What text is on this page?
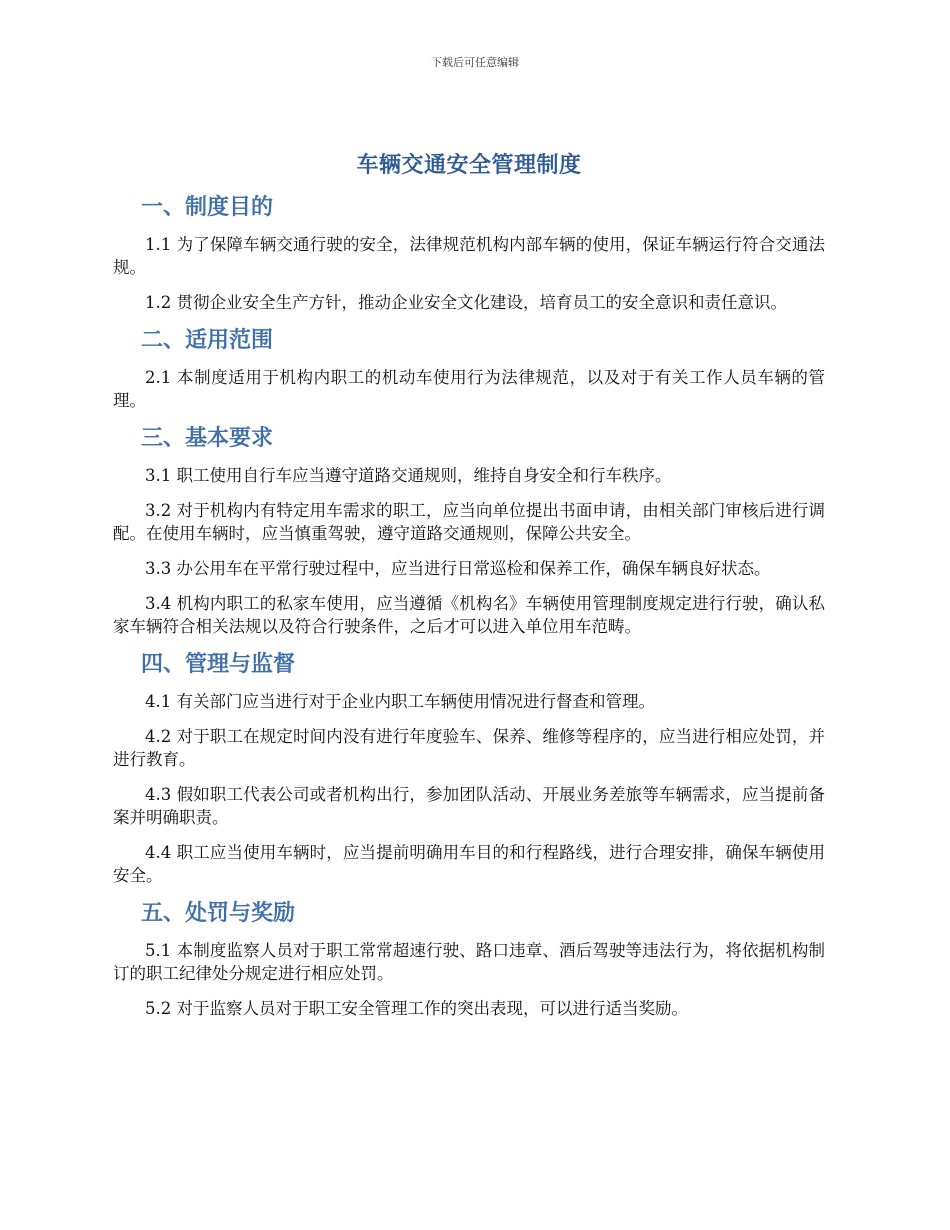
下载后可任意编辑
车辆交通安全管理制度
一、制度目的

1.1 为了保障车辆交通行驶的安全，法律规范机构内部车辆的使用，保证车辆运行符合交通法规。

1.2 贯彻企业安全生产方针，推动企业安全文化建设，培育员工的安全意识和责任意识。

二、适用范围

2.1 本制度适用于机构内职工的机动车使用行为法律规范，以及对于有关工作人员车辆的管理。

三、基本要求

3.1 职工使用自行车应当遵守道路交通规则，维持自身安全和行车秩序。

3.2 对于机构内有特定用车需求的职工，应当向单位提出书面申请，由相关部门审核后进行调配。在使用车辆时，应当慎重驾驶，遵守道路交通规则，保障公共安全。

3.3 办公用车在平常行驶过程中，应当进行日常巡检和保养工作，确保车辆良好状态。

3.4 机构内职工的私家车使用，应当遵循《机构名》车辆使用管理制度规定进行行驶，确认私家车辆符合相关法规以及符合行驶条件，之后才可以进入单位用车范畴。

四、管理与监督

4.1 有关部门应当进行对于企业内职工车辆使用情况进行督查和管理。

4.2 对于职工在规定时间内没有进行年度验车、保养、维修等程序的，应当进行相应处罚，并进行教育。

4.3 假如职工代表公司或者机构出行，参加团队活动、开展业务差旅等车辆需求，应当提前备案并明确职责。

4.4 职工应当使用车辆时，应当提前明确用车目的和行程路线，进行合理安排，确保车辆使用安全。

五、处罚与奖励

5.1 本制度监察人员对于职工常常超速行驶、路口违章、酒后驾驶等违法行为，将依据机构制订的职工纪律处分规定进行相应处罚。

5.2 对于监察人员对于职工安全管理工作的突出表现，可以进行适当奖励。
